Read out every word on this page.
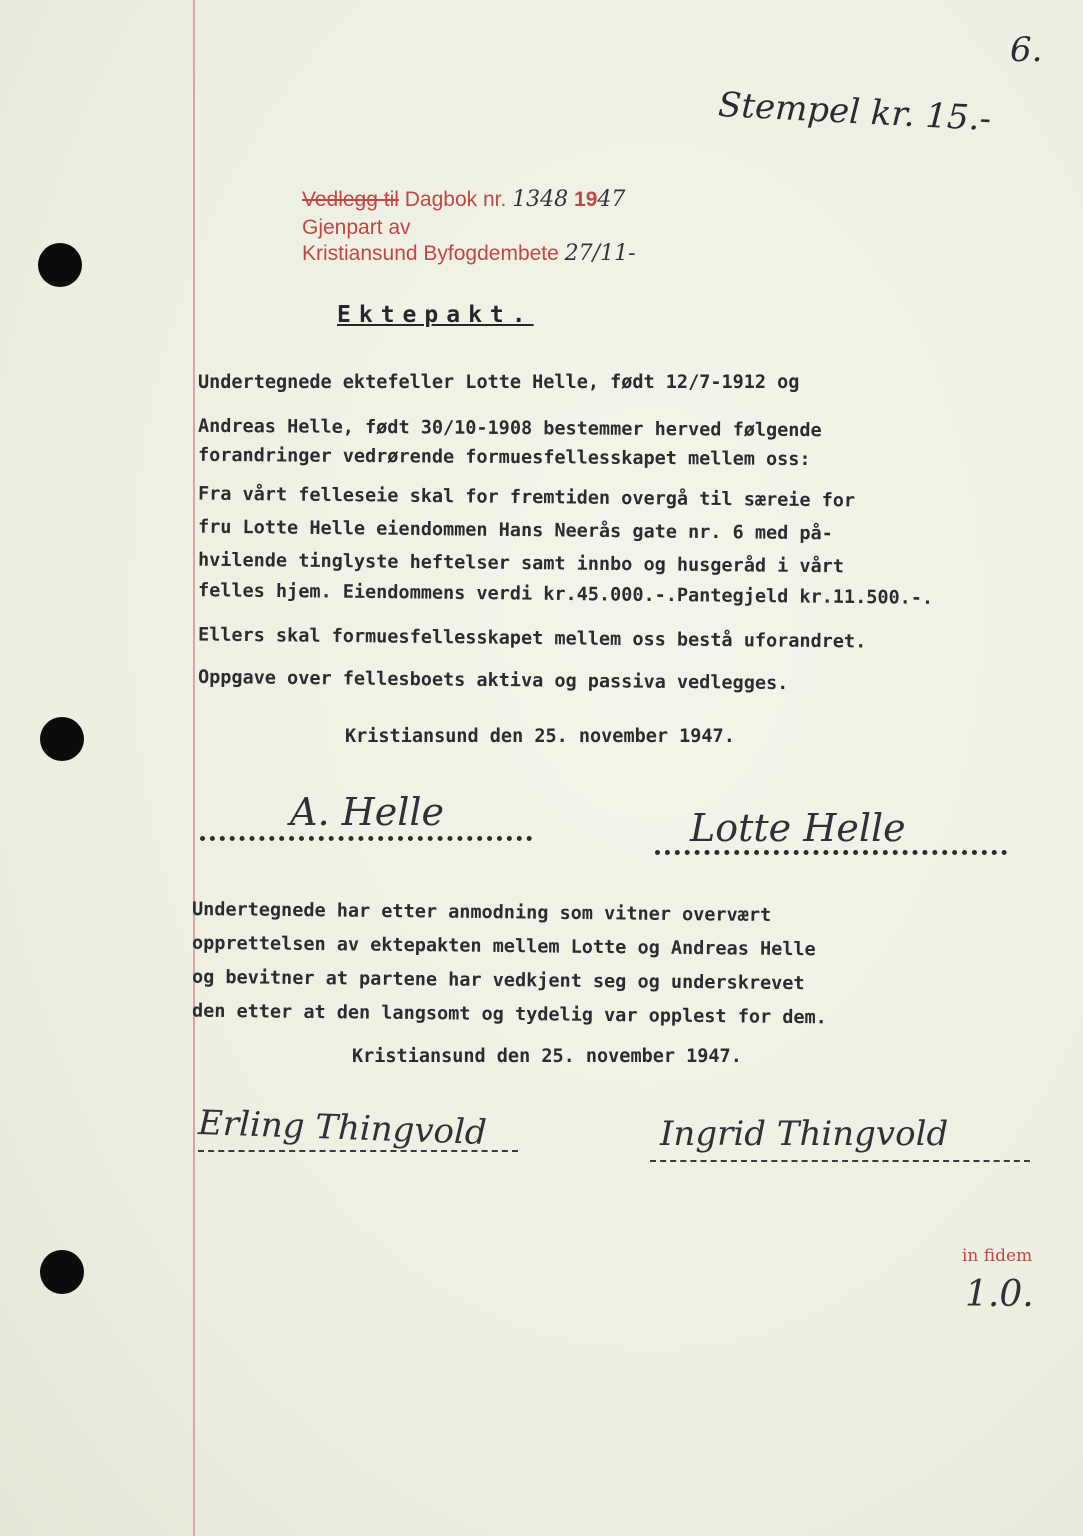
6.
Stempel kr. 15.-
Vedlegg til Dagbok nr. 1348 1947
Gjenpart av
Kristiansund Byfogdembete 27/11-
Ektepakt.
Undertegnede ektefeller Lotte Helle, født 12/7-1912 og
Andreas Helle, født 30/10-1908 bestemmer herved følgende
forandringer vedrørende formuesfellesskapet mellem oss:
Fra vårt felleseie skal for fremtiden overgå til særeie for
fru Lotte Helle eiendommen Hans Neerås gate nr. 6 med på-
hvilende tinglyste heftelser samt innbo og husgeråd i vårt
felles hjem. Eiendommens verdi kr.45.000.-.Pantegjeld kr.11.500.-.
Ellers skal formuesfellesskapet mellem oss bestå uforandret.
Oppgave over fellesboets aktiva og passiva vedlegges.
Kristiansund den 25. november 1947.
A. Helle	Lotte Helle
Undertegnede har etter anmodning som vitner overvært
opprettelsen av ektepakten mellem Lotte og Andreas Helle
og bevitner at partene har vedkjent seg og underskrevet
den etter at den langsomt og tydelig var opplest for dem.
Kristiansund den 25. november 1947.
Erling Thingvold	Ingrid Thingvold
in fidem
1.0.
